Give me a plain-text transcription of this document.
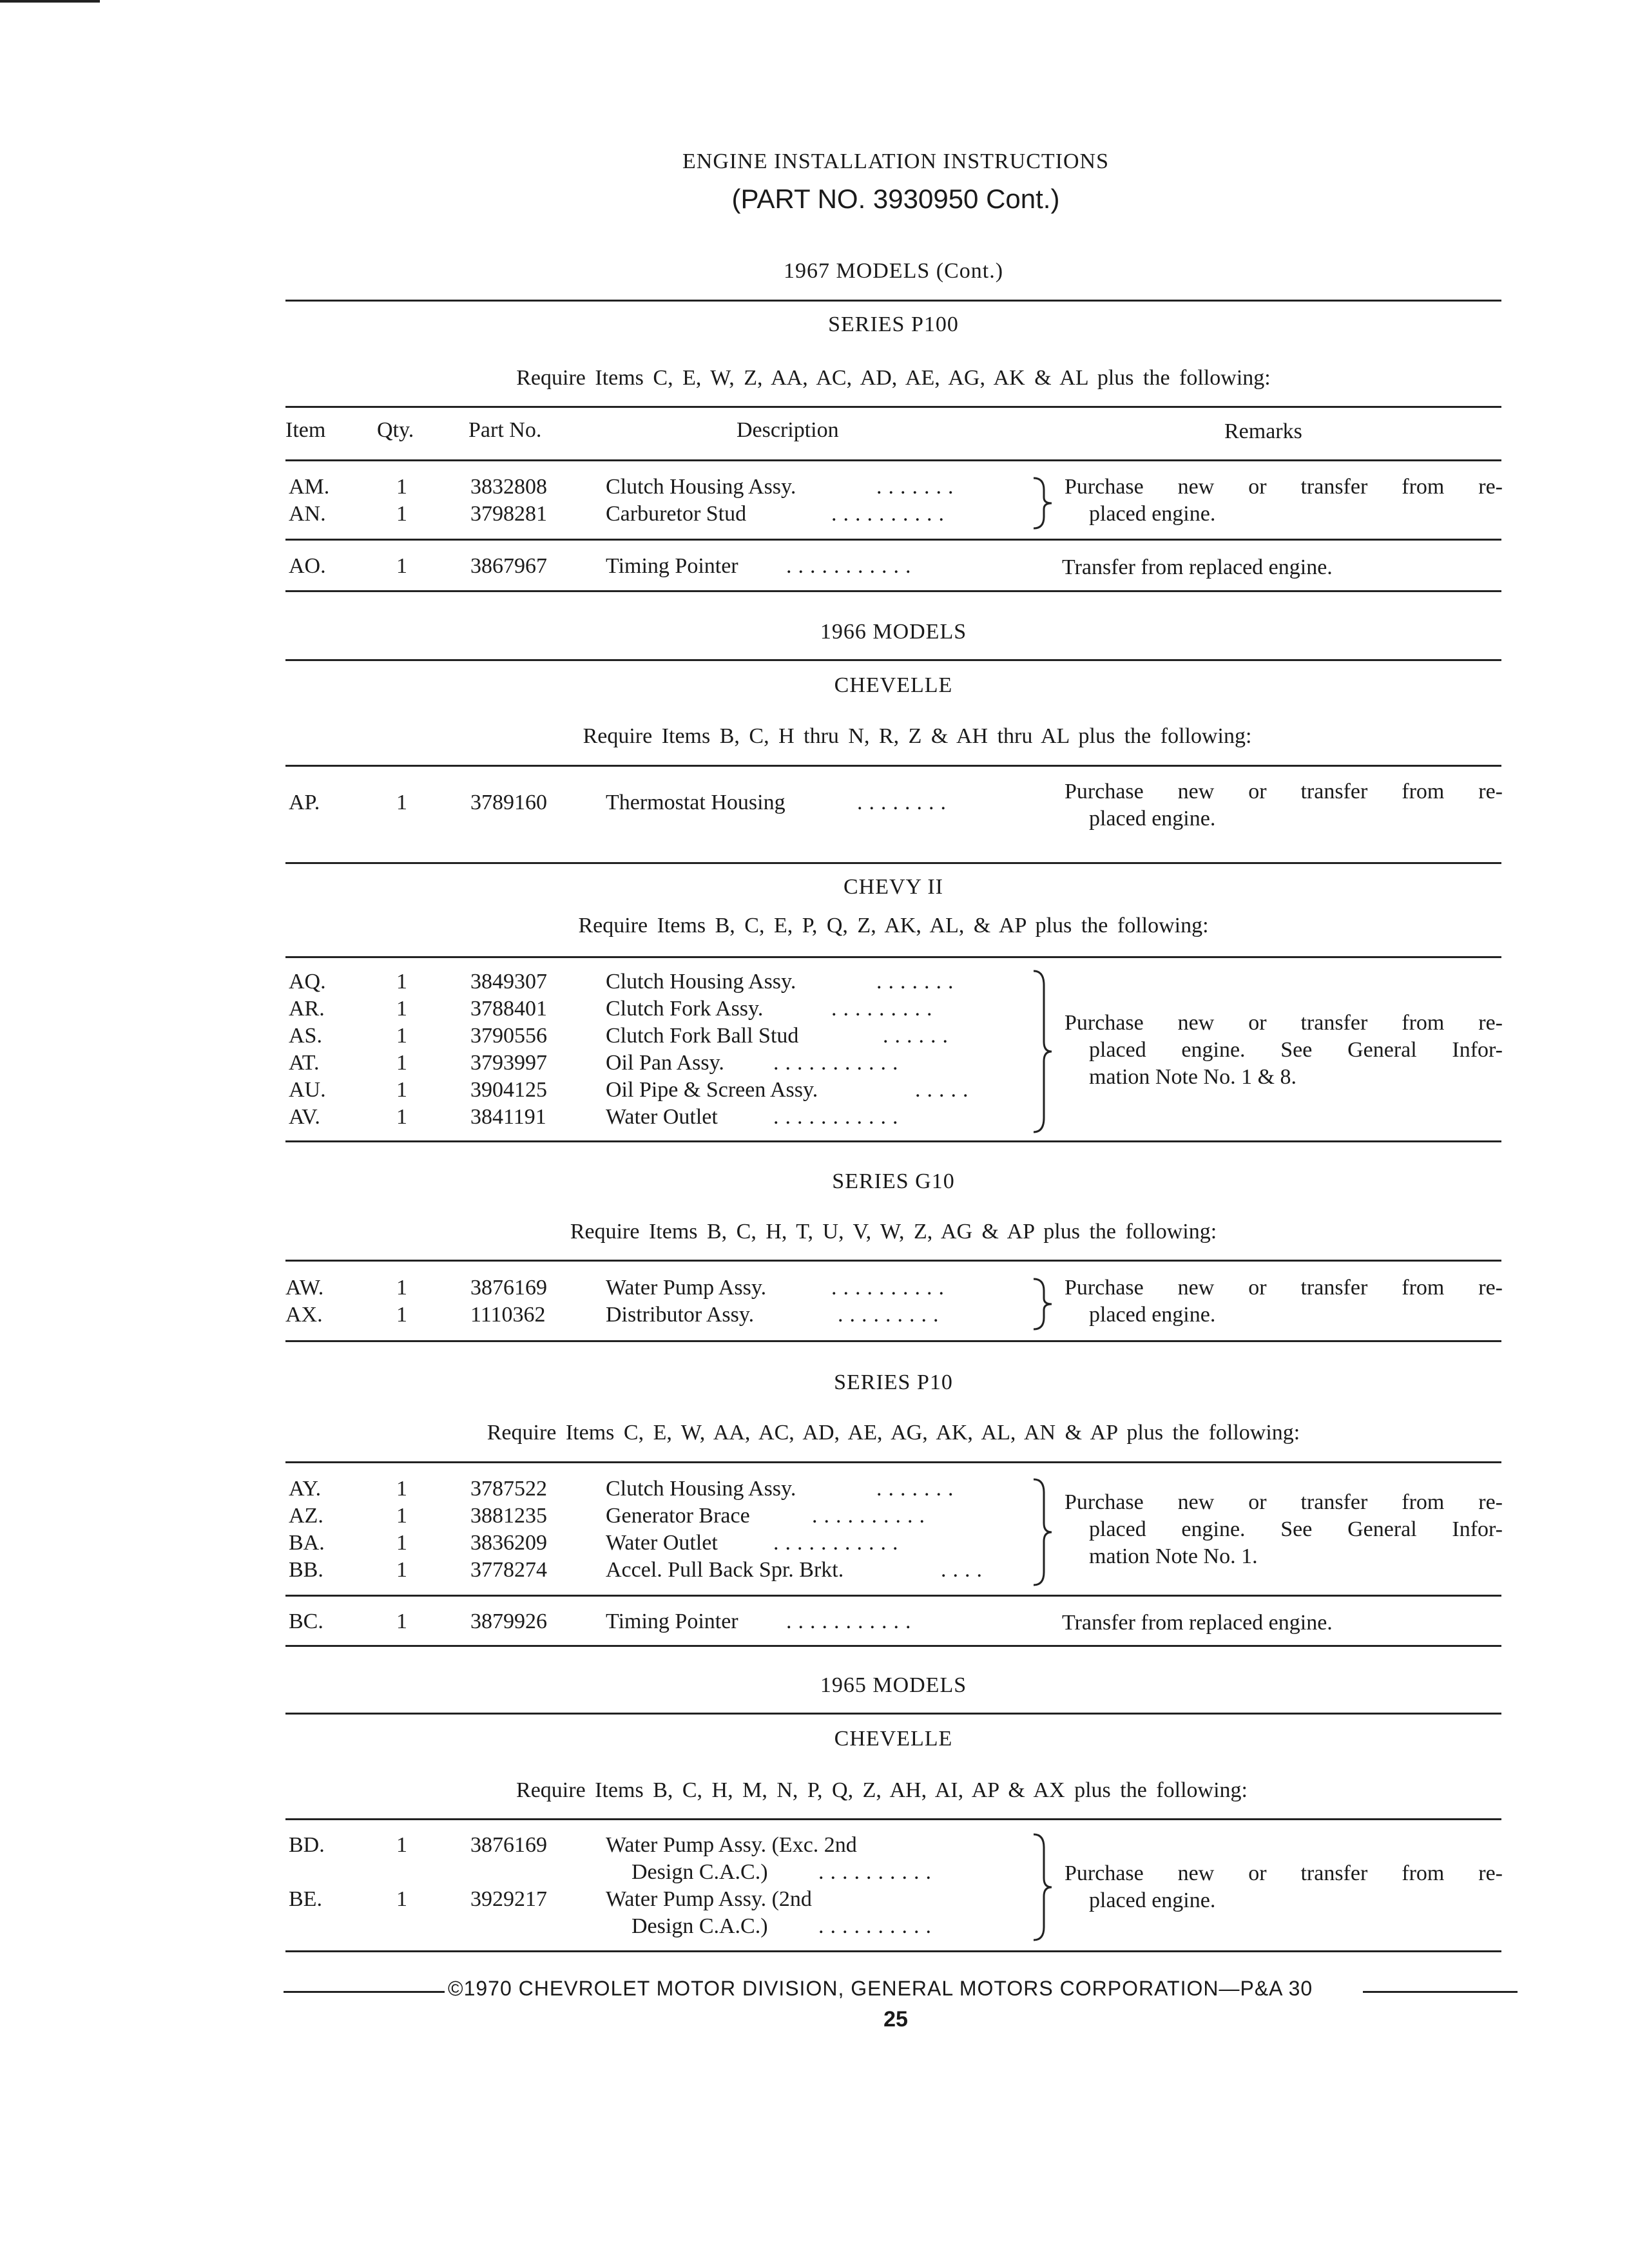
ENGINE INSTALLATION INSTRUCTIONS
(PART NO. 3930950 Cont.)
1967 MODELS (Cont.)
SERIES P100
Require Items C, E, W, Z, AA, AC, AD, AE, AG, AK & AL plus the following:
Item Qty. Part No.	Description	Remarks
AM.	1	3832808	Clutch Housing Assy.	.......
AN.	1	3798281	Carburetor Stud	..........
Purchase new or transfer from re-
placed engine.
AO.	1	3867967	Timing Pointer ...........	Transfer from replaced engine.
1966 MODELS
CHEVELLE
Require Items B, C, H thru N, R, Z & AH thru AL plus the following:
AP.	1	3789160	Thermostat Housing	........	Purchase new or transfer from re-
placed engine.
CHEVY II
Require Items B, C, E, P, Q, Z, AK, AL, & AP plus the following:
AQ.	1	3849307	Clutch Housing Assy.	.......
AR.	1	3788401	Clutch Fork Assy.	.........
AS.	1	3790556	Clutch Fork Ball Stud	......
AT.	1	3793997	Oil Pan Assy. ...........
AU.	1	3904125	Oil Pipe & Screen Assy.	.....
AV.	1	3841191	Water Outlet	...........
Purchase new or transfer from re-
placed engine. See General Infor-
mation Note No. 1 & 8.
SERIES G10
Require Items B, C, H, T, U, V, W, Z, AG & AP plus the following:
AW.	1	3876169	Water Pump Assy.	..........
AX.	1	1110362	Distributor Assy.	.........
Purchase new or transfer from re-
placed engine.
SERIES P10
Require Items C, E, W, AA, AC, AD, AE, AG, AK, AL, AN & AP plus the following:
AY.	1	3787522	Clutch Housing Assy.	.......
AZ.	1	3881235	Generator Brace	..........
BA.	1	3836209	Water Outlet	...........
BB.	1	3778274	Accel. Pull Back Spr. Brkt.	....
Purchase new or transfer from re-
placed engine. See General Infor-
mation Note No. 1.
BC.	1	3879926	Timing Pointer ...........	Transfer from replaced engine.
1965 MODELS
CHEVELLE
Require Items B, C, H, M, N, P, Q, Z, AH, AI, AP & AX plus the following:
BD.	1	3876169	Water Pump Assy. (Exc. 2nd
Design C.A.C.) ..........
BE.	1	3929217	Water Pump Assy. (2nd
Design C.A.C.) ..........
Purchase new or transfer from re-
placed engine.
©1970 CHEVROLET MOTOR DIVISION, GENERAL MOTORS CORPORATION—P&A 30
25
